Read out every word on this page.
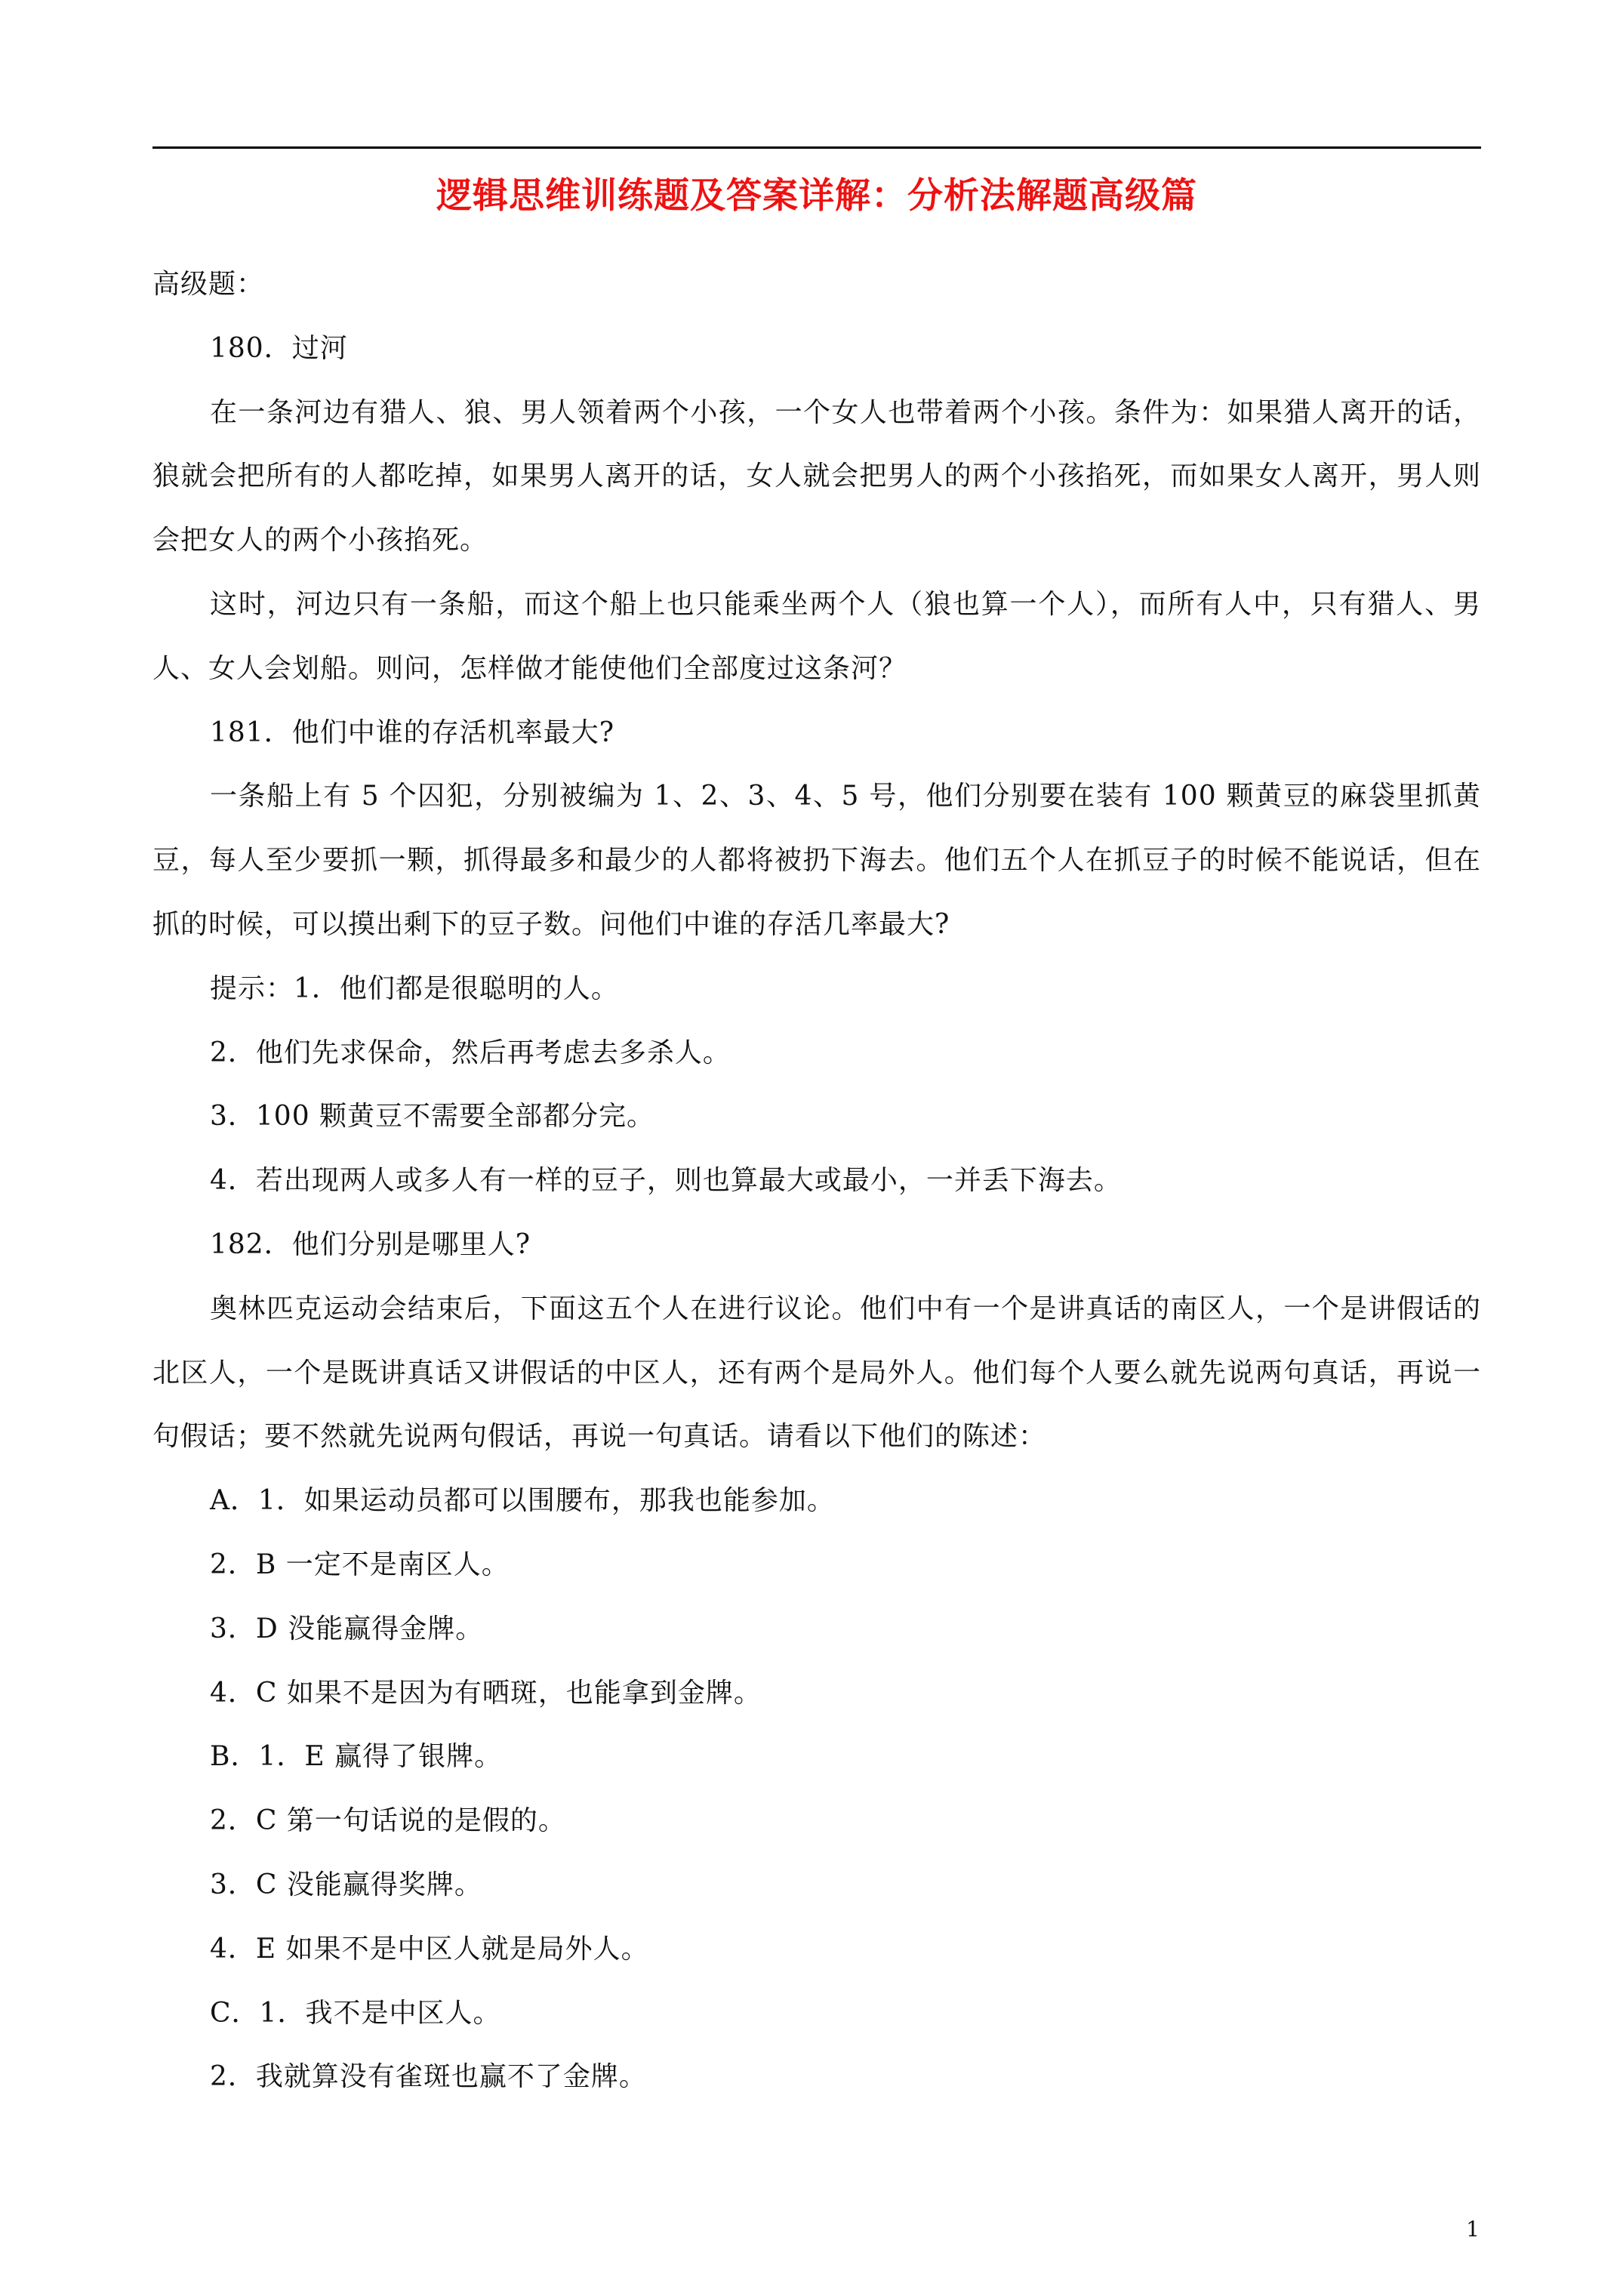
逻辑思维训练题及答案详解：分析法解题高级篇

高级题：

180．过河

在一条河边有猎人、狼、男人领着两个小孩，一个女人也带着两个小孩。条件为：如果猎人离开的话，狼就会把所有的人都吃掉，如果男人离开的话，女人就会把男人的两个小孩掐死，而如果女人离开，男人则会把女人的两个小孩掐死。

这时，河边只有一条船，而这个船上也只能乘坐两个人（狼也算一个人），而所有人中，只有猎人、男人、女人会划船。则问，怎样做才能使他们全部度过这条河？

181．他们中谁的存活机率最大?

一条船上有 5 个囚犯，分别被编为 1、2、3、4、5 号，他们分别要在装有 100 颗黄豆的麻袋里抓黄豆，每人至少要抓一颗，抓得最多和最少的人都将被扔下海去。他们五个人在抓豆子的时候不能说话，但在抓的时候，可以摸出剩下的豆子数。问他们中谁的存活几率最大?

提示：1．他们都是很聪明的人。

2．他们先求保命，然后再考虑去多杀人。

3．100 颗黄豆不需要全部都分完。

4．若出现两人或多人有一样的豆子，则也算最大或最小，一并丢下海去。

182．他们分别是哪里人?

奥林匹克运动会结束后，下面这五个人在进行议论。他们中有一个是讲真话的南区人，一个是讲假话的北区人，一个是既讲真话又讲假话的中区人，还有两个是局外人。他们每个人要么就先说两句真话，再说一句假话；要不然就先说两句假话，再说一句真话。请看以下他们的陈述：

A．1．如果运动员都可以围腰布，那我也能参加。

2．B 一定不是南区人。

3．D 没能赢得金牌。

4．C 如果不是因为有晒斑，也能拿到金牌。

B．1．E 赢得了银牌。

2．C 第一句话说的是假的。

3．C 没能赢得奖牌。

4．E 如果不是中区人就是局外人。

C．1．我不是中区人。

2．我就算没有雀斑也赢不了金牌。

1
